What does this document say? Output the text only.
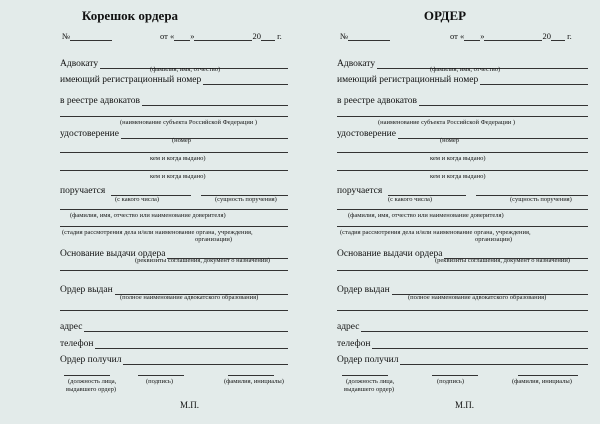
Корешок ордера
№	от « »	20 г.
Адвокату
(фамилия, имя, отчество)
имеющий регистрационный номер
в реестре адвокатов
(наименование субъекта Российской Федерации )
удостоверение
(номер
кем и когда выдано)
кем и когда выдано)
поручается
(с какого числа)	(сущность поручения)
(фамилия, имя, отчество или наименование доверителя)
(стадия рассмотрения дела и/или наименование органа, учреждения,
организации)
Основание выдачи ордера
(реквизиты соглашения, документ о назначении)
Ордер выдан
(полное наименование адвокатского образования)
адрес
телефон
Ордер получил
(должность лица,
выдавшего ордер)
(подпись)	(фамилия, инициалы)
М.П.
ОРДЕР
№	от « »	20 г.
Адвокату
(фамилия, имя, отчество)
имеющий регистрационный номер
в реестре адвокатов
(наименование субъекта Российской Федерации )
удостоверение
(номер
кем и когда выдано)
кем и когда выдано)
поручается
(с какого числа)	(сущность поручения)
(фамилия, имя, отчество или наименование доверителя)
(стадия рассмотрения дела и/или наименование органа, учреждения,
организации)
Основание выдачи ордера
(реквизиты соглашения, документ о назначении)
Ордер выдан
(полное наименование адвокатского образования)
адрес
телефон
Ордер получил
(должность лица,
выдавшего ордер)
(подпись)	(фамилия, инициалы)
М.П.
